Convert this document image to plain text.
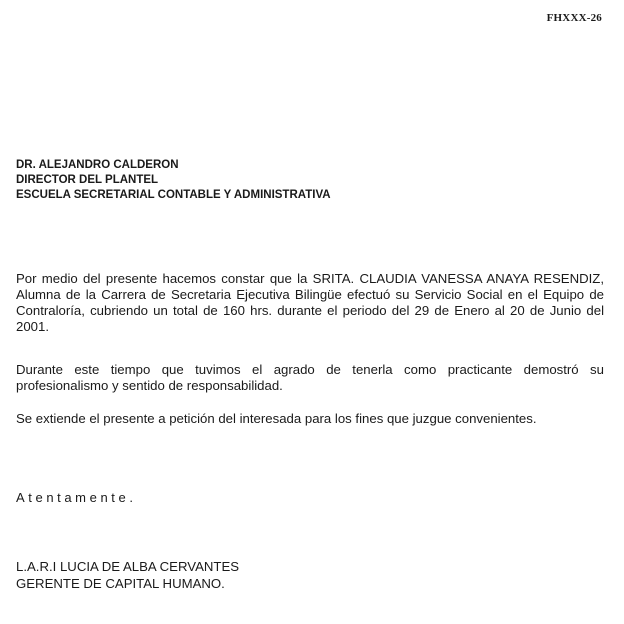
FHXXX-26
DR. ALEJANDRO CALDERON
DIRECTOR DEL PLANTEL
ESCUELA SECRETARIAL CONTABLE Y ADMINISTRATIVA

Por medio del presente hacemos constar que la SRITA. CLAUDIA VANESSA ANAYA RESENDIZ, Alumna de la Carrera de Secretaria Ejecutiva Bilingüe efectuó su Servicio Social en el Equipo de Contraloría, cubriendo un total de 160 hrs. durante el periodo del 29 de Enero al 20 de Junio del 2001.

Durante este tiempo que tuvimos el agrado de tenerla como practicante demostró su profesionalismo y sentido de responsabilidad.

Se extiende el presente a petición del interesada para los fines que juzgue convenientes.

Atentamente.
L.A.R.I LUCIA DE ALBA CERVANTES
GERENTE DE CAPITAL HUMANO.
